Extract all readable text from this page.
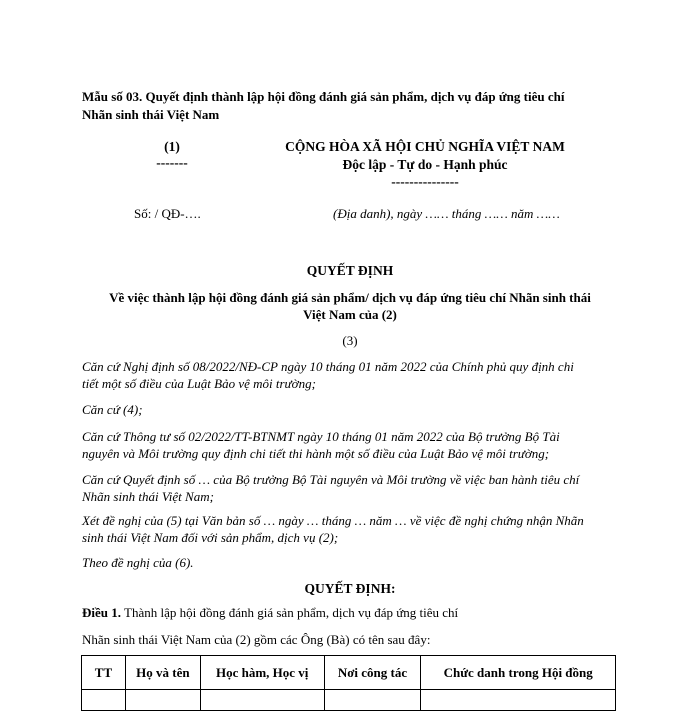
Mẫu số 03. Quyết định thành lập hội đồng đánh giá sản phẩm, dịch vụ đáp ứng tiêu chí
Nhãn sinh thái Việt Nam
(1)
-------
CỘNG HÒA XÃ HỘI CHỦ NGHĨA VIỆT NAM
Độc lập - Tự do - Hạnh phúc
---------------
Số: / QĐ-….	(Địa danh), ngày …… tháng …… năm ……
QUYẾT ĐỊNH
Về việc thành lập hội đồng đánh giá sản phẩm/ dịch vụ đáp ứng tiêu chí Nhãn sinh thái
Việt Nam của (2)
(3)
Căn cứ Nghị định số 08/2022/NĐ-CP ngày 10 tháng 01 năm 2022 của Chính phủ quy định chi
tiết một số điều của Luật Bảo vệ môi trường;
Căn cứ (4);
Căn cứ Thông tư số 02/2022/TT-BTNMT ngày 10 tháng 01 năm 2022 của Bộ trưởng Bộ Tài
nguyên và Môi trường quy định chi tiết thi hành một số điều của Luật Bảo vệ môi trường;
Căn cứ Quyết định số … của Bộ trưởng Bộ Tài nguyên và Môi trường về việc ban hành tiêu chí
Nhãn sinh thái Việt Nam;
Xét đề nghị của (5) tại Văn bản số … ngày … tháng … năm … về việc đề nghị chứng nhận Nhãn
sinh thái Việt Nam đối với sản phẩm, dịch vụ (2);
Theo đề nghị của (6).
QUYẾT ĐỊNH:
Điều 1. Thành lập hội đồng đánh giá sản phẩm, dịch vụ đáp ứng tiêu chí
Nhãn sinh thái Việt Nam của (2) gồm các Ông (Bà) có tên sau đây:
TT	Họ và tên	Học hàm, Học vị	Nơi công tác	Chức danh trong Hội đồng
